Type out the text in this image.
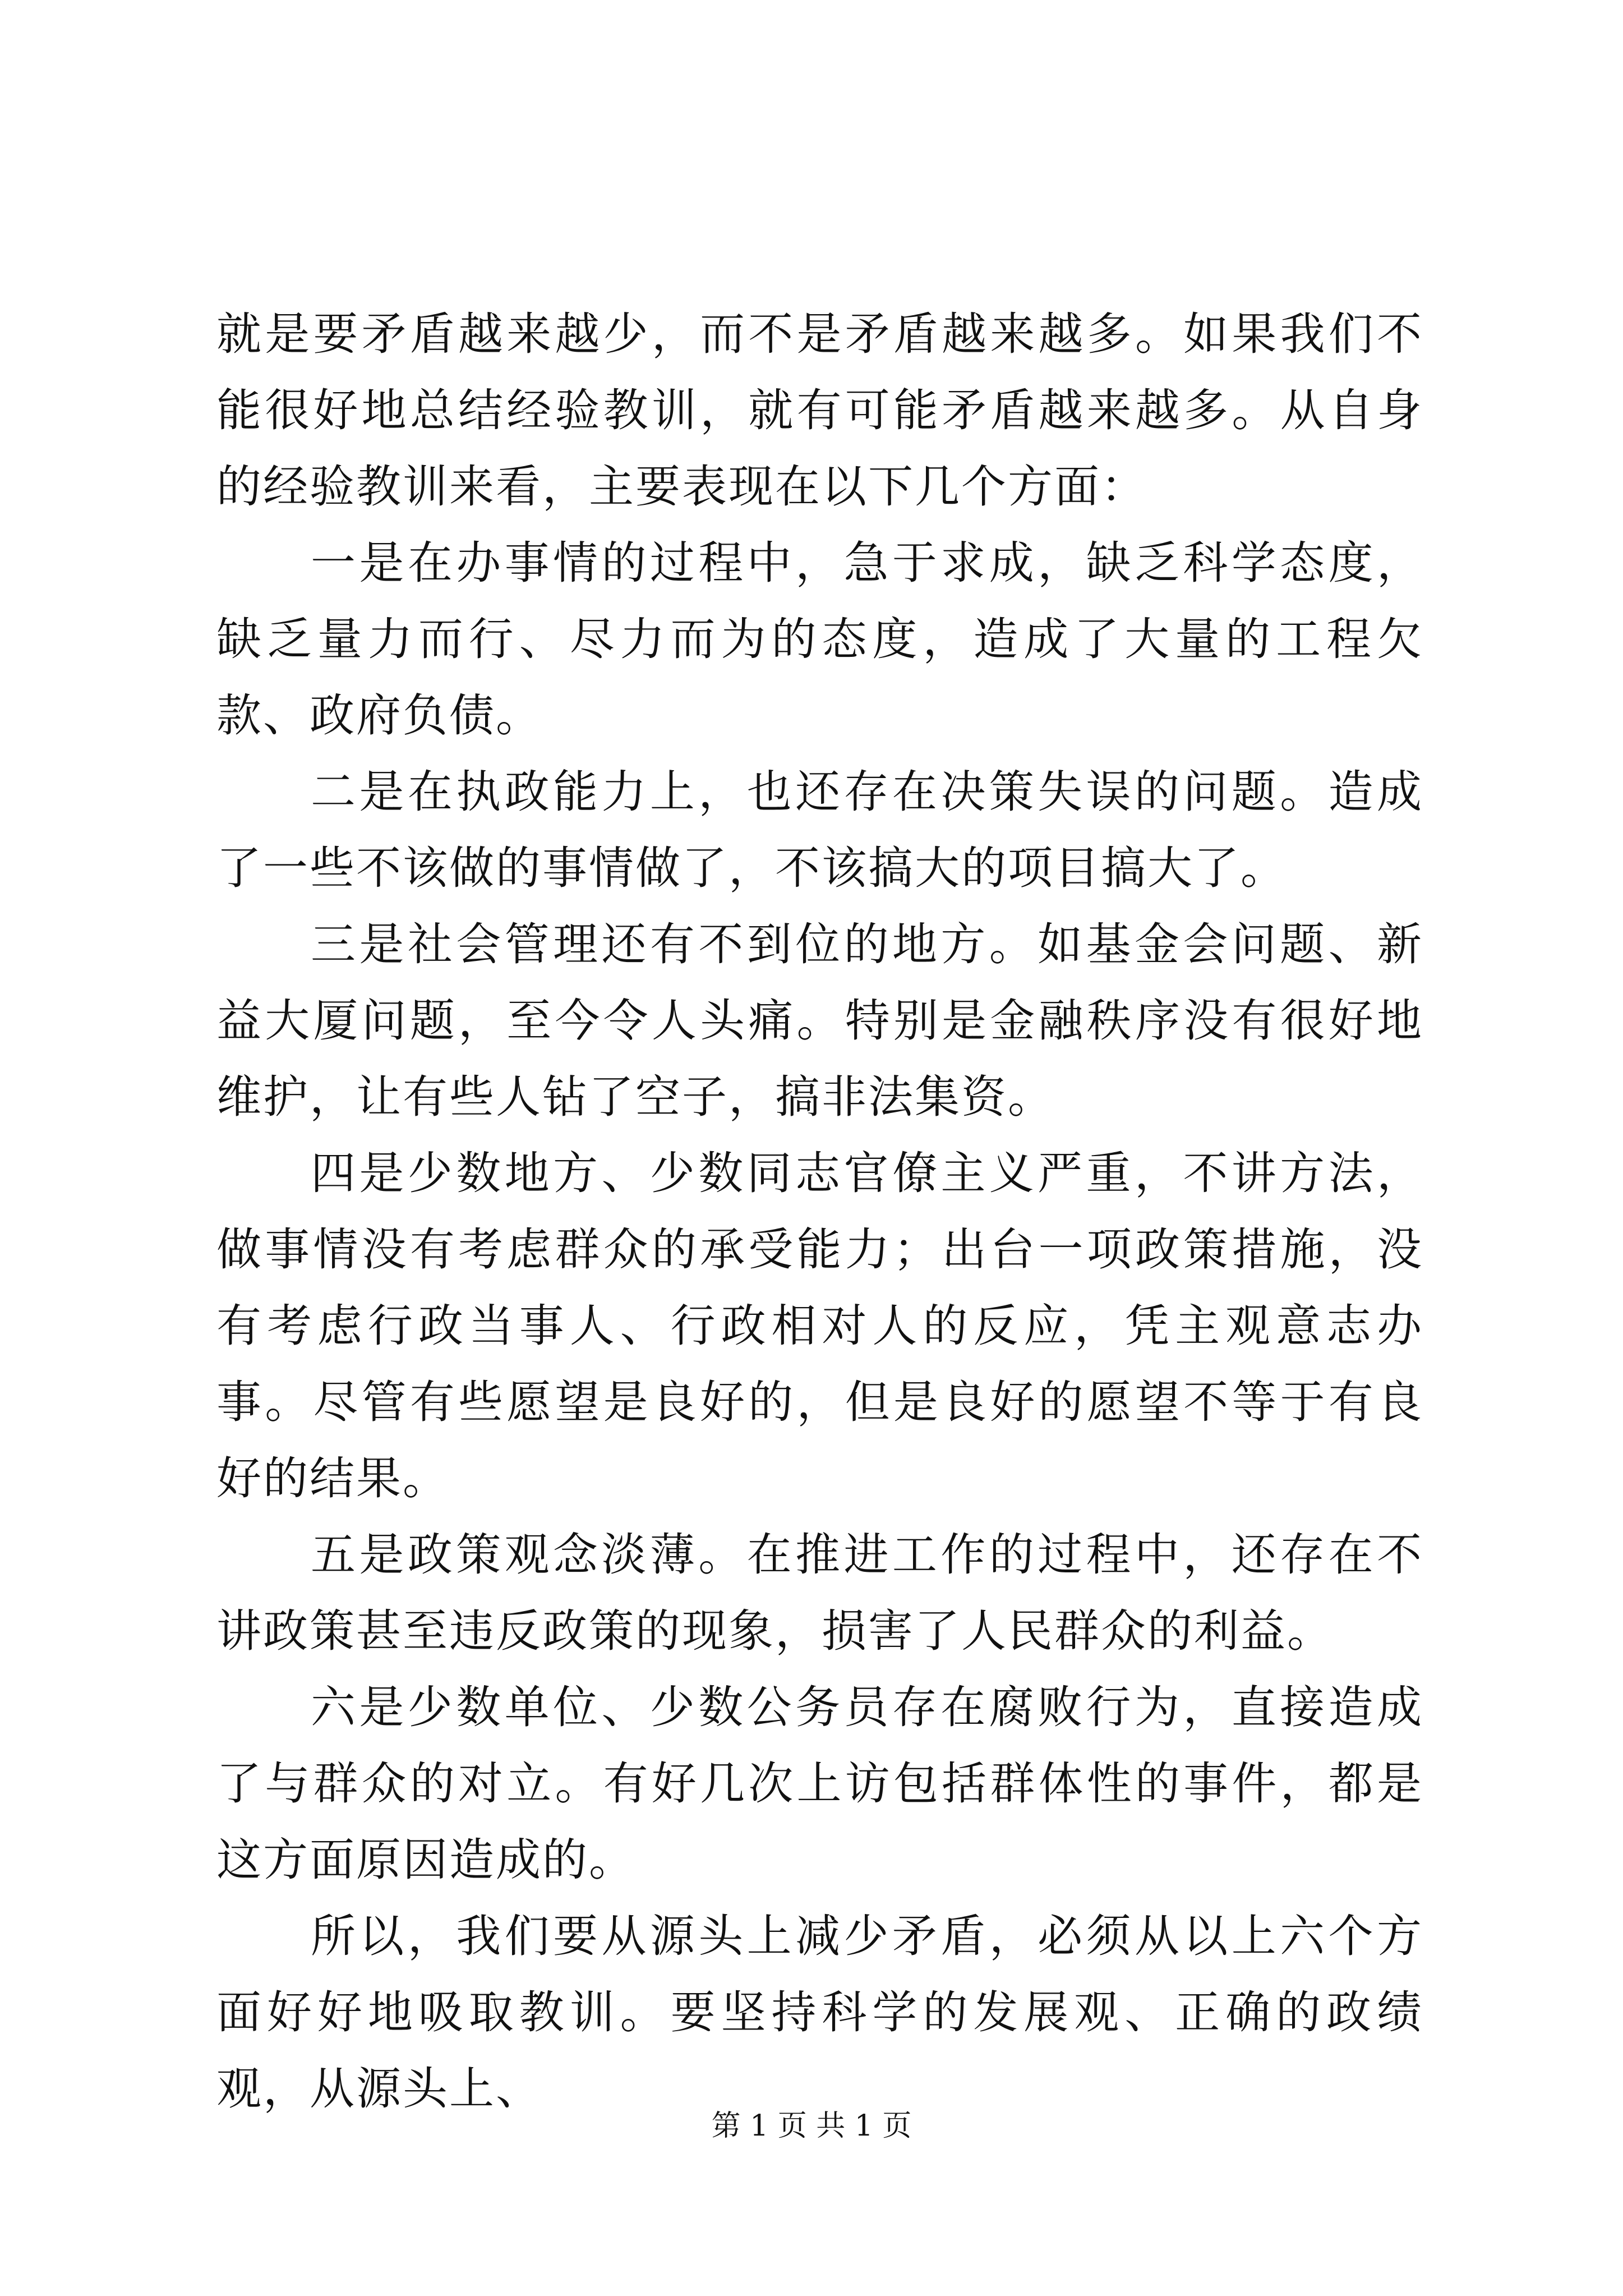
就是要矛盾越来越少，而不是矛盾越来越多。如果我们不能很好地总结经验教训，就有可能矛盾越来越多。从自身的经验教训来看，主要表现在以下几个方面：

一是在办事情的过程中，急于求成，缺乏科学态度，缺乏量力而行、尽力而为的态度，造成了大量的工程欠款、政府负债。

二是在执政能力上，也还存在决策失误的问题。造成了一些不该做的事情做了，不该搞大的项目搞大了。

三是社会管理还有不到位的地方。如基金会问题、新益大厦问题，至今令人头痛。特别是金融秩序没有很好地维护，让有些人钻了空子，搞非法集资。

四是少数地方、少数同志官僚主义严重，不讲方法，做事情没有考虑群众的承受能力；出台一项政策措施，没有考虑行政当事人、行政相对人的反应，凭主观意志办事。尽管有些愿望是良好的，但是良好的愿望不等于有良好的结果。

五是政策观念淡薄。在推进工作的过程中，还存在不讲政策甚至违反政策的现象，损害了人民群众的利益。

六是少数单位、少数公务员存在腐败行为，直接造成了与群众的对立。有好几次上访包括群体性的事件，都是这方面原因造成的。

所以，我们要从源头上减少矛盾，必须从以上六个方面好好地吸取教训。要坚持科学的发展观、正确的政绩观，从源头上、

第 1 页 共 1 页
